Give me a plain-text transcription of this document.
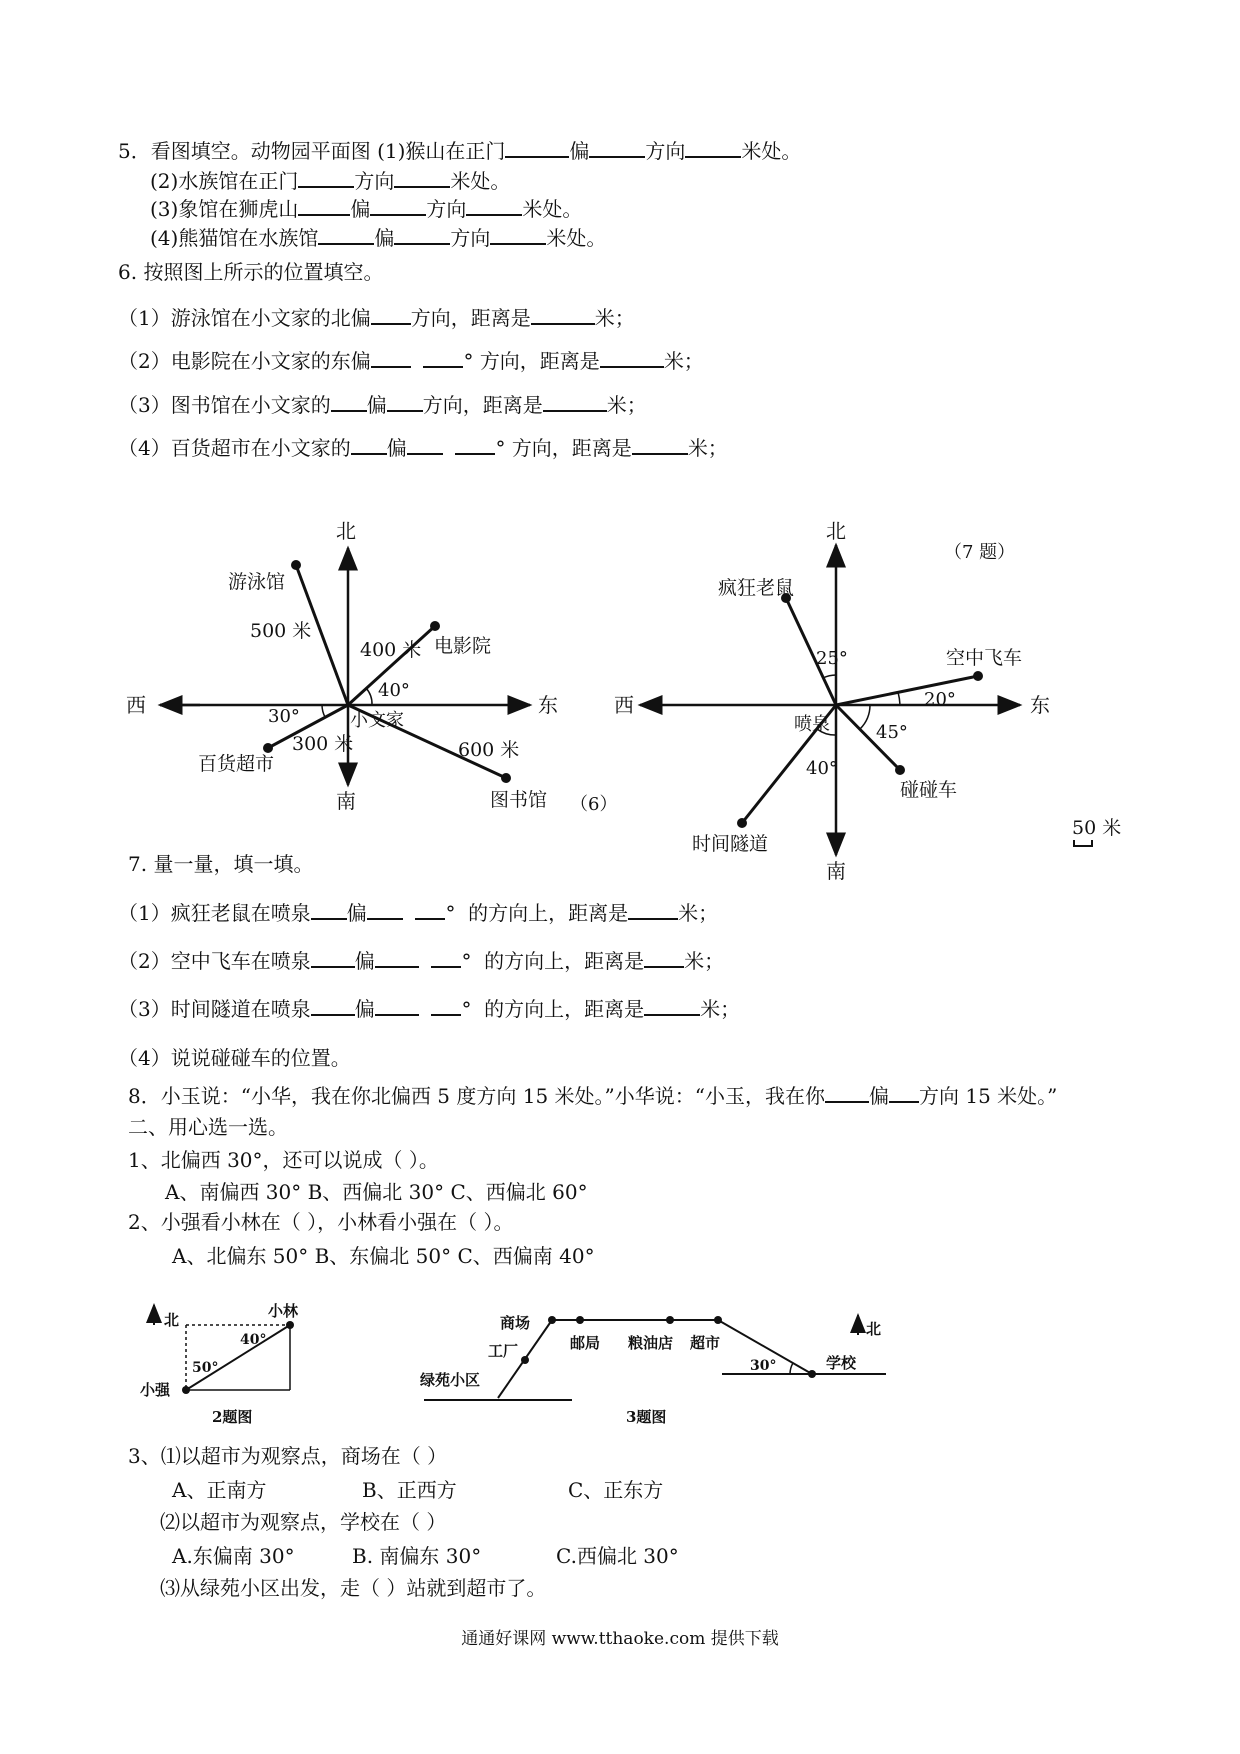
5．看图填空。动物园平面图 (1)猴山在正门	偏	方向	米处。
(2)水族馆在正门	方向	米处。
(3)象馆在狮虎山	偏	方向	米处。
(4)熊猫馆在水族馆	偏	方向	米处。
6. 按照图上所示的位置填空。
（1）游泳馆在小文家的北偏 方向，距离是	米；
（2）电影院在小文家的东偏	° 方向，距离是	米；
（3）图书馆在小文家的 偏 方向，距离是	米；
（4）百货超市在小文家的 偏	° 方向，距离是	米；
北
南
东
西
小文家
游泳馆
500 米
电影院
400 米
40°
百货超市
300 米
30°
图书馆
600 米
（6）
北
南
东
西
喷泉
疯狂老鼠
25°	空中飞车
20°
碰碰车
45°
时间隧道
40°
（7 题）
50 米
北	小林
小强
50°
40°
2题图
商场
工厂	邮局 粮油店 超市
绿苑小区
学校
北
30°
3题图
7. 量一量，填一填。
（1）疯狂老鼠在喷泉 偏	° 的方向上，距离是	米；
（2）空中飞车在喷泉 偏	° 的方向上，距离是 米；
（3）时间隧道在喷泉 偏	° 的方向上，距离是	米；
（4）说说碰碰车的位置。
8．小玉说：“小华，我在你北偏西 5 度方向 15 米处。”小华说：“小玉，我在你 偏 方向 15 米处。”
二、用心选一选。
1、北偏西 30°，还可以说成（ ）。
A、南偏西 30° B、西偏北 30° C、西偏北 60°
2、小强看小林在（ ），小林看小强在（ ）。
A、北偏东 50° B、东偏北 50° C、西偏南 40°
3、⑴以超市为观察点，商场在（ ）
A、正南方	B、正西方	C、正东方
⑵以超市为观察点，学校在（ ）
A.东偏南 30°	B. 南偏东 30°	C.西偏北 30°
⑶从绿苑小区出发，走（ ）站就到超市了。
通通好课网 www.tthaoke.com 提供下载
